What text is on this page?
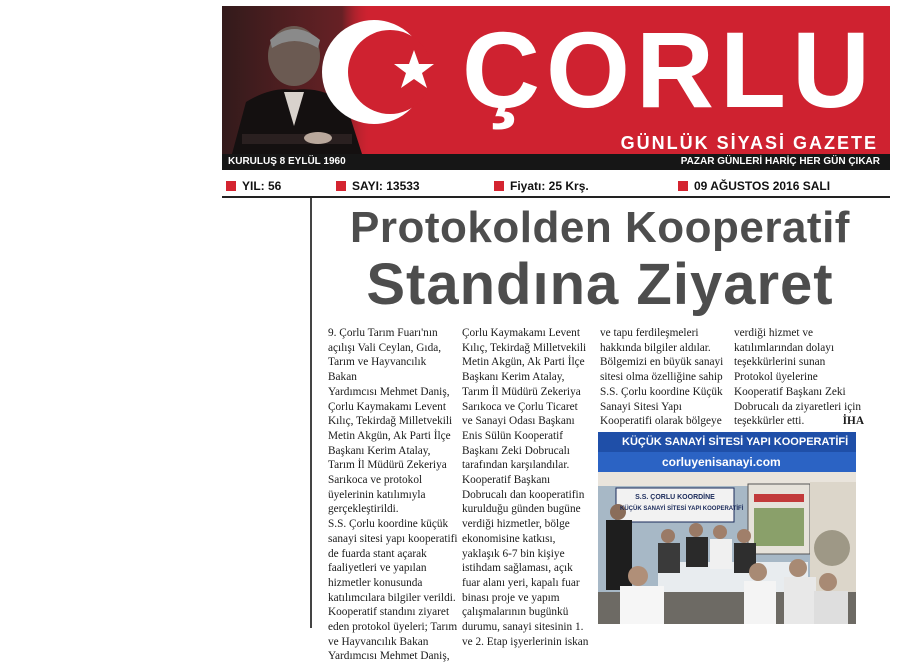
ÇORLU
GÜNLÜK SİYASİ GAZETE
KURULUŞ 8 EYLÜL 1960	PAZAR GÜNLERİ HARİÇ HER GÜN ÇIKAR
YIL: 56	SAYI: 13533	Fiyatı: 25 Krş.	09 AĞUSTOS 2016 SALI
Protokolden Kooperatif
Standına Ziyaret

9. Çorlu Tarım Fuarı'nın

açılışı Vali Ceylan, Gıda,

Tarım ve Hayvancılık Bakan

Yardımcısı Mehmet Daniş,

Çorlu Kaymakamı Levent

Kılıç, Tekirdağ Milletvekili

Metin Akgün, Ak Parti İlçe

Başkanı Kerim Atalay,

Tarım İl Müdürü Zekeriya

Sarıkoca ve protokol

üyelerinin katılımıyla

gerçekleştirildi.

S.S. Çorlu koordine küçük

sanayi sitesi yapı kooperatifi

de fuarda stant açarak

faaliyetleri ve yapılan

hizmetler konusunda

katılımcılara bilgiler verildi.

Kooperatif standını ziyaret

eden protokol üyeleri; Tarım

ve Hayvancılık Bakan

Yardımcısı Mehmet Daniş,

Çorlu Kaymakamı Levent

Kılıç, Tekirdağ Milletvekili

Metin Akgün, Ak Parti İlçe

Başkanı Kerim Atalay,

Tarım İl Müdürü Zekeriya

Sarıkoca ve Çorlu Ticaret

ve Sanayi Odası Başkanı

Enis Sülün Kooperatif

Başkanı Zeki Dobrucalı

tarafından karşılandılar.

Kooperatif Başkanı

Dobrucalı dan kooperatifin

kurulduğu günden bugüne

verdiği hizmetler, bölge

ekonomisine katkısı,

yaklaşık 6-7 bin kişiye

istihdam sağlaması, açık

fuar alanı yeri, kapalı fuar

binası proje ve yapım

çalışmalarının bugünkü

durumu, sanayi sitesinin 1.

ve 2. Etap işyerlerinin iskan

ve tapu ferdileşmeleri

hakkında bilgiler aldılar.

Bölgemizi en büyük sanayi

sitesi olma özelliğine sahip

S.S. Çorlu koordine Küçük

Sanayi Sitesi Yapı

Kooperatifi olarak bölgeye

verdiği hizmet ve

katılımlarından dolayı

teşekkürlerini sunan

Protokol üyelerine

Kooperatif Başkanı Zeki

Dobrucalı da ziyaretleri için

teşekkürler etti.	İHA

KÜÇÜK SANAYİ SİTESİ YAPI KOOPERATİFİ
corluyenisanayi.com
S.S. ÇORLU KOORDİNE
KÜÇÜK SANAYİ SİTESİ YAPI KOOPERATİFİ
